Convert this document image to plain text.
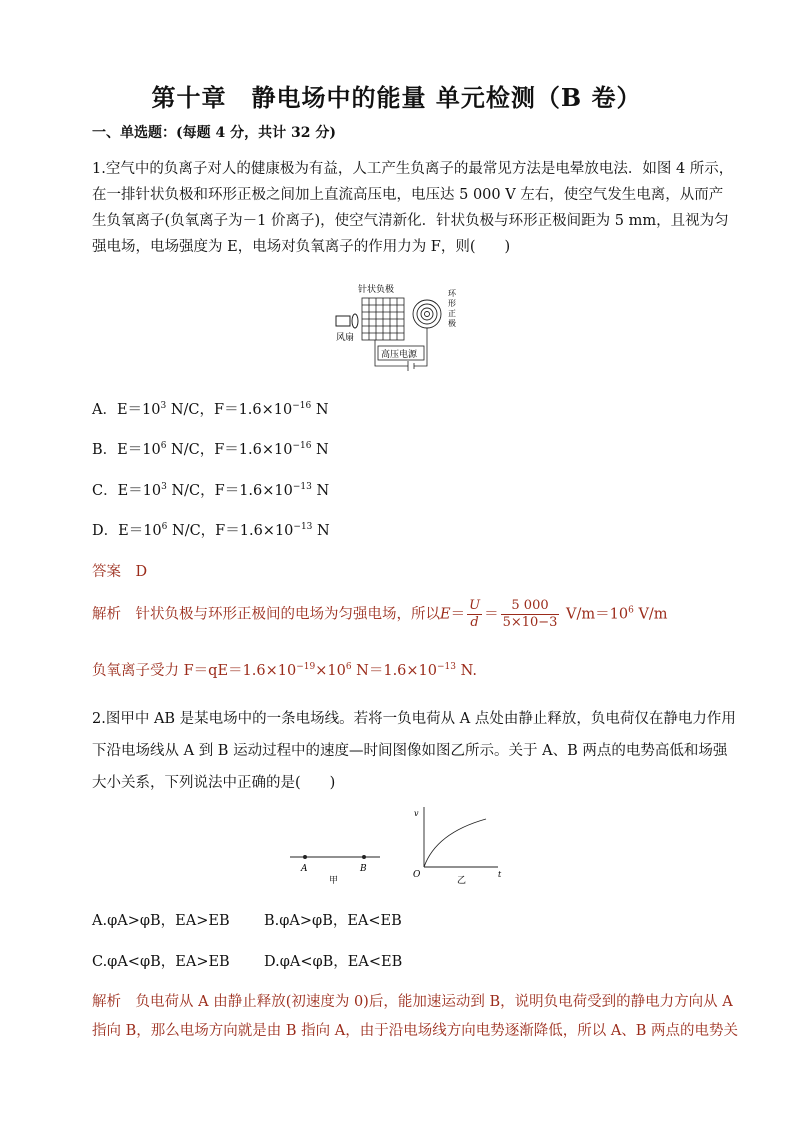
第十章　静电场中的能量 单元检测（B 卷）
一、单选题：(每题 4 分，共计 32 分)
1.空气中的负离子对人的健康极为有益，人工产生负离子的最常见方法是电晕放电法．如图 4 所示，
在一排针状负极和环形正极之间加上直流高压电，电压达 5 000 V 左右，使空气发生电离，从而产
生负氧离子(负氧离子为－1 价离子)，使空气清新化．针状负极与环形正极间距为 5 mm，且视为匀
强电场，电场强度为 E，电场对负氧离子的作用力为 F，则(　　)
针状负极
风扇
环
形
正
极
高压电源
A．$E=10^3$ N/C，$F=1.6\times 10^{-16}$ N
B．$E=10^6$ N/C，$F=1.6\times 10^{-16}$ N
C．$E=10^3$ N/C，$F=1.6\times 10^{-13}$ N
D．$E=10^6$ N/C，$F=1.6\times 10^{-13}$ N
答案　 D
解析　 针状负极与环形正极间的电场为匀强电场，所以$E= \frac{U}{d} = \frac{5 000}{5\times 10-3} V/m=10^6$ V/m
负氧离子受力 $F=qE=1.6\times 10^{-19}\times 10^6$ $N=1.6\times 10^{-13}$ N.
2.图甲中 AB 是某电场中的一条电场线。若将一负电荷从 A 点处由静止释放，负电荷仅在静电力作用
下沿电场线从 A 到 B 运动过程中的速度—时间图像如图乙所示。关于 A、B 两点的电势高低和场强
大小关系，下列说法中正确的是(　　)
A	B
甲
v
O	t
乙
A.φA>φB，EA>EB B.φA>φB，EA<EB
C.φA<φB，EA>EB D.φA<φB，EA<EB
解析　 负电荷从 A 由静止释放(初速度为 0)后，能加速运动到 B，说明负电荷受到的静电力方向从 A
指向 B，那么电场方向就是由 B 指向 A，由于沿电场线方向电势逐渐降低，所以 A、B 两点的电势关
